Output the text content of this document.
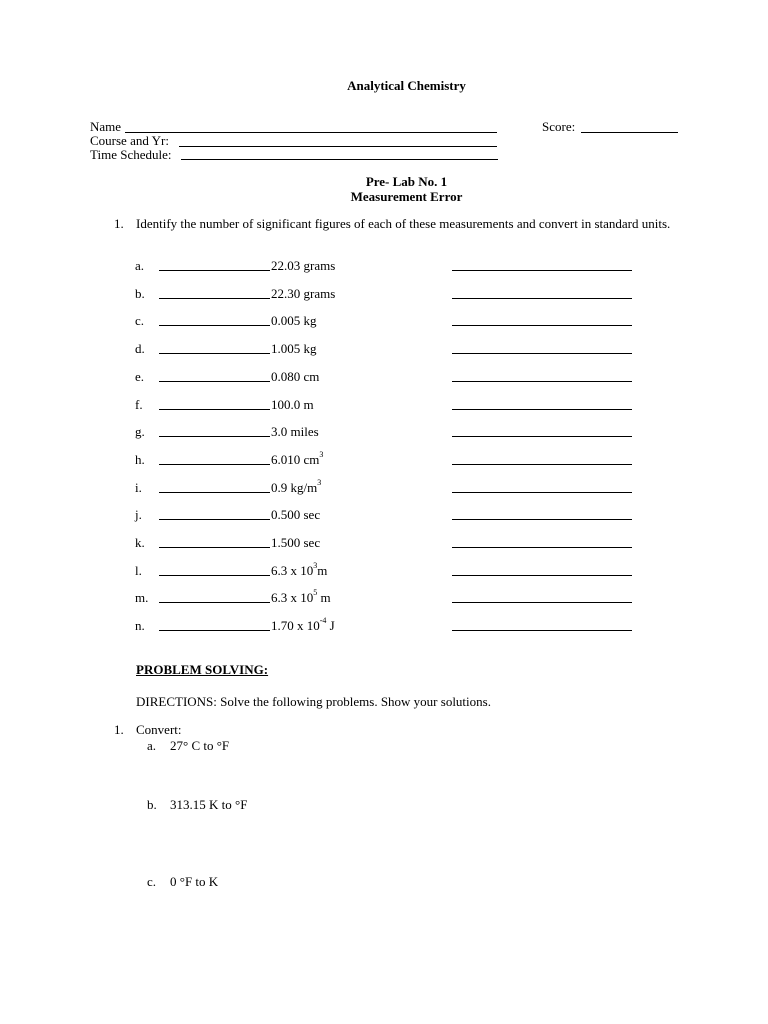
Analytical Chemistry
Name	Score:
Course and Yr:
Time Schedule:
Pre- Lab No. 1
Measurement Error
1. Identify the number of significant figures of each of these measurements and convert in standard units.
a.	22.03 grams
b.	22.30 grams
c.	0.005 kg
d.	1.005 kg
e.	0.080 cm
f.	100.0 m
g.	3.0 miles
h.	6.010 $cm^3$
i.	0.9 $kg/m^3$
j.	0.500 sec
k.	1.500 sec
l.	6.3 x $10^3m$
m.	6.3 x $10^5$ m
n.	1.70 x $10^{-4}$ J
PROBLEM SOLVING:
DIRECTIONS: Solve the following problems. Show your solutions.
1. Convert:
a. 27° C to °F
b. 313.15 K to °F
c. 0 °F to K
